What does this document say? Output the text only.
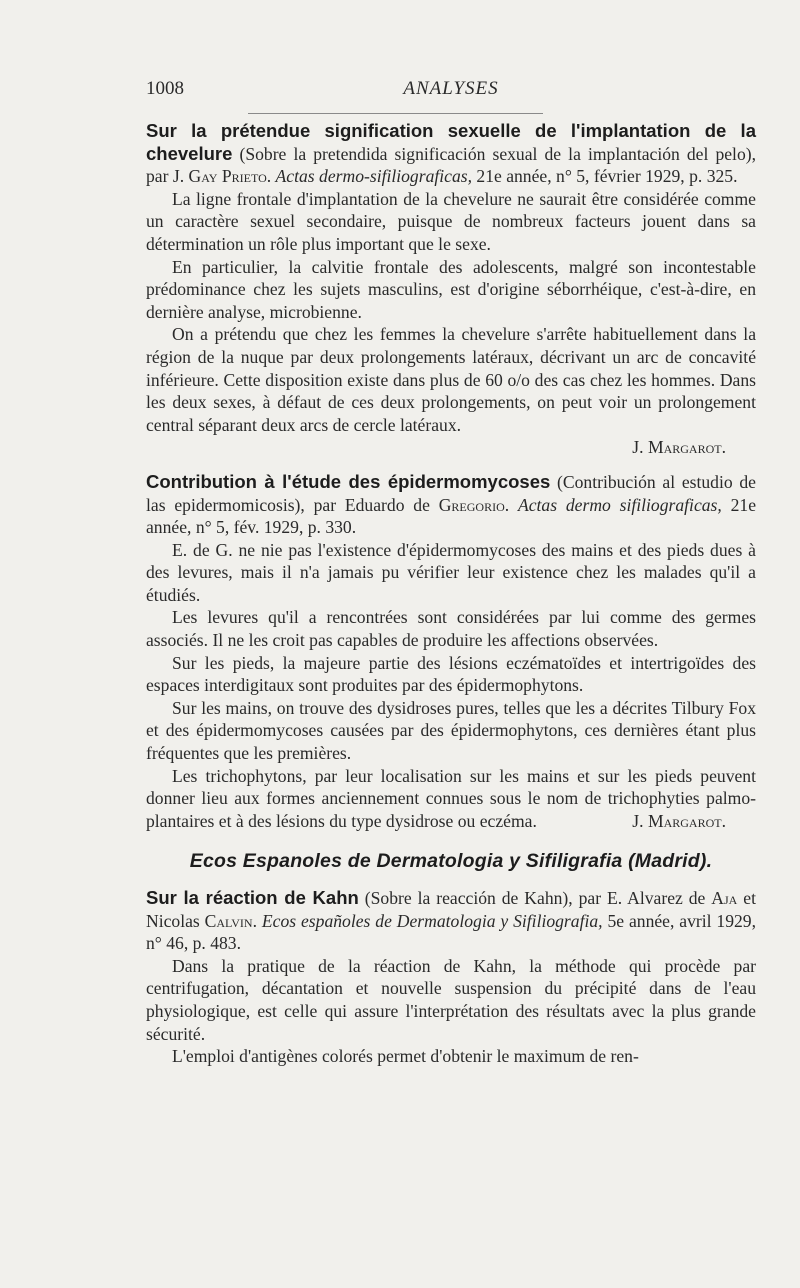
1008	ANALYSES

Sur la prétendue signification sexuelle de l'implantation de la chevelure (Sobre la pretendida significación sexual de la implantación del pelo), par J. Gay Prieto. Actas dermo-sifiliograficas, 21e année, n° 5, février 1929, p. 325.

La ligne frontale d'implantation de la chevelure ne saurait être considérée comme un caractère sexuel secondaire, puisque de nombreux facteurs jouent dans sa détermination un rôle plus important que le sexe.

En particulier, la calvitie frontale des adolescents, malgré son incontestable prédominance chez les sujets masculins, est d'origine séborrhéique, c'est-à-dire, en dernière analyse, microbienne.

On a prétendu que chez les femmes la chevelure s'arrête habituellement dans la région de la nuque par deux prolongements latéraux, décrivant un arc de concavité inférieure. Cette disposition existe dans plus de 60 o/o des cas chez les hommes. Dans les deux sexes, à défaut de ces deux prolongements, on peut voir un prolongement central séparant deux arcs de cercle latéraux.

J. Margarot.

Contribution à l'étude des épidermomycoses (Contribución al estudio de las epidermomicosis), par Eduardo de Gregorio. Actas dermo sifiliograficas, 21e année, n° 5, fév. 1929, p. 330.

E. de G. ne nie pas l'existence d'épidermomycoses des mains et des pieds dues à des levures, mais il n'a jamais pu vérifier leur existence chez les malades qu'il a étudiés.

Les levures qu'il a rencontrées sont considérées par lui comme des germes associés. Il ne les croit pas capables de produire les affections observées.

Sur les pieds, la majeure partie des lésions eczématoïdes et intertrigoïdes des espaces interdigitaux sont produites par des épidermophytons.

Sur les mains, on trouve des dysidroses pures, telles que les a décrites Tilbury Fox et des épidermomycoses causées par des épidermophytons, ces dernières étant plus fréquentes que les premières.

Les trichophytons, par leur localisation sur les mains et sur les pieds peuvent donner lieu aux formes anciennement connues sous le nom de trichophyties palmo-plantaires et à des lésions du type dysidrose ou eczéma.	J. Margarot.

Ecos Espanoles de Dermatologia y Sifiligrafia (Madrid).

Sur la réaction de Kahn (Sobre la reacción de Kahn), par E. Alvarez de Aja et Nicolas Calvin. Ecos españoles de Dermatologia y Sifiliografia, 5e année, avril 1929, n° 46, p. 483.

Dans la pratique de la réaction de Kahn, la méthode qui procède par centrifugation, décantation et nouvelle suspension du précipité dans de l'eau physiologique, est celle qui assure l'interprétation des résultats avec la plus grande sécurité.

L'emploi d'antigènes colorés permet d'obtenir le maximum de ren-
